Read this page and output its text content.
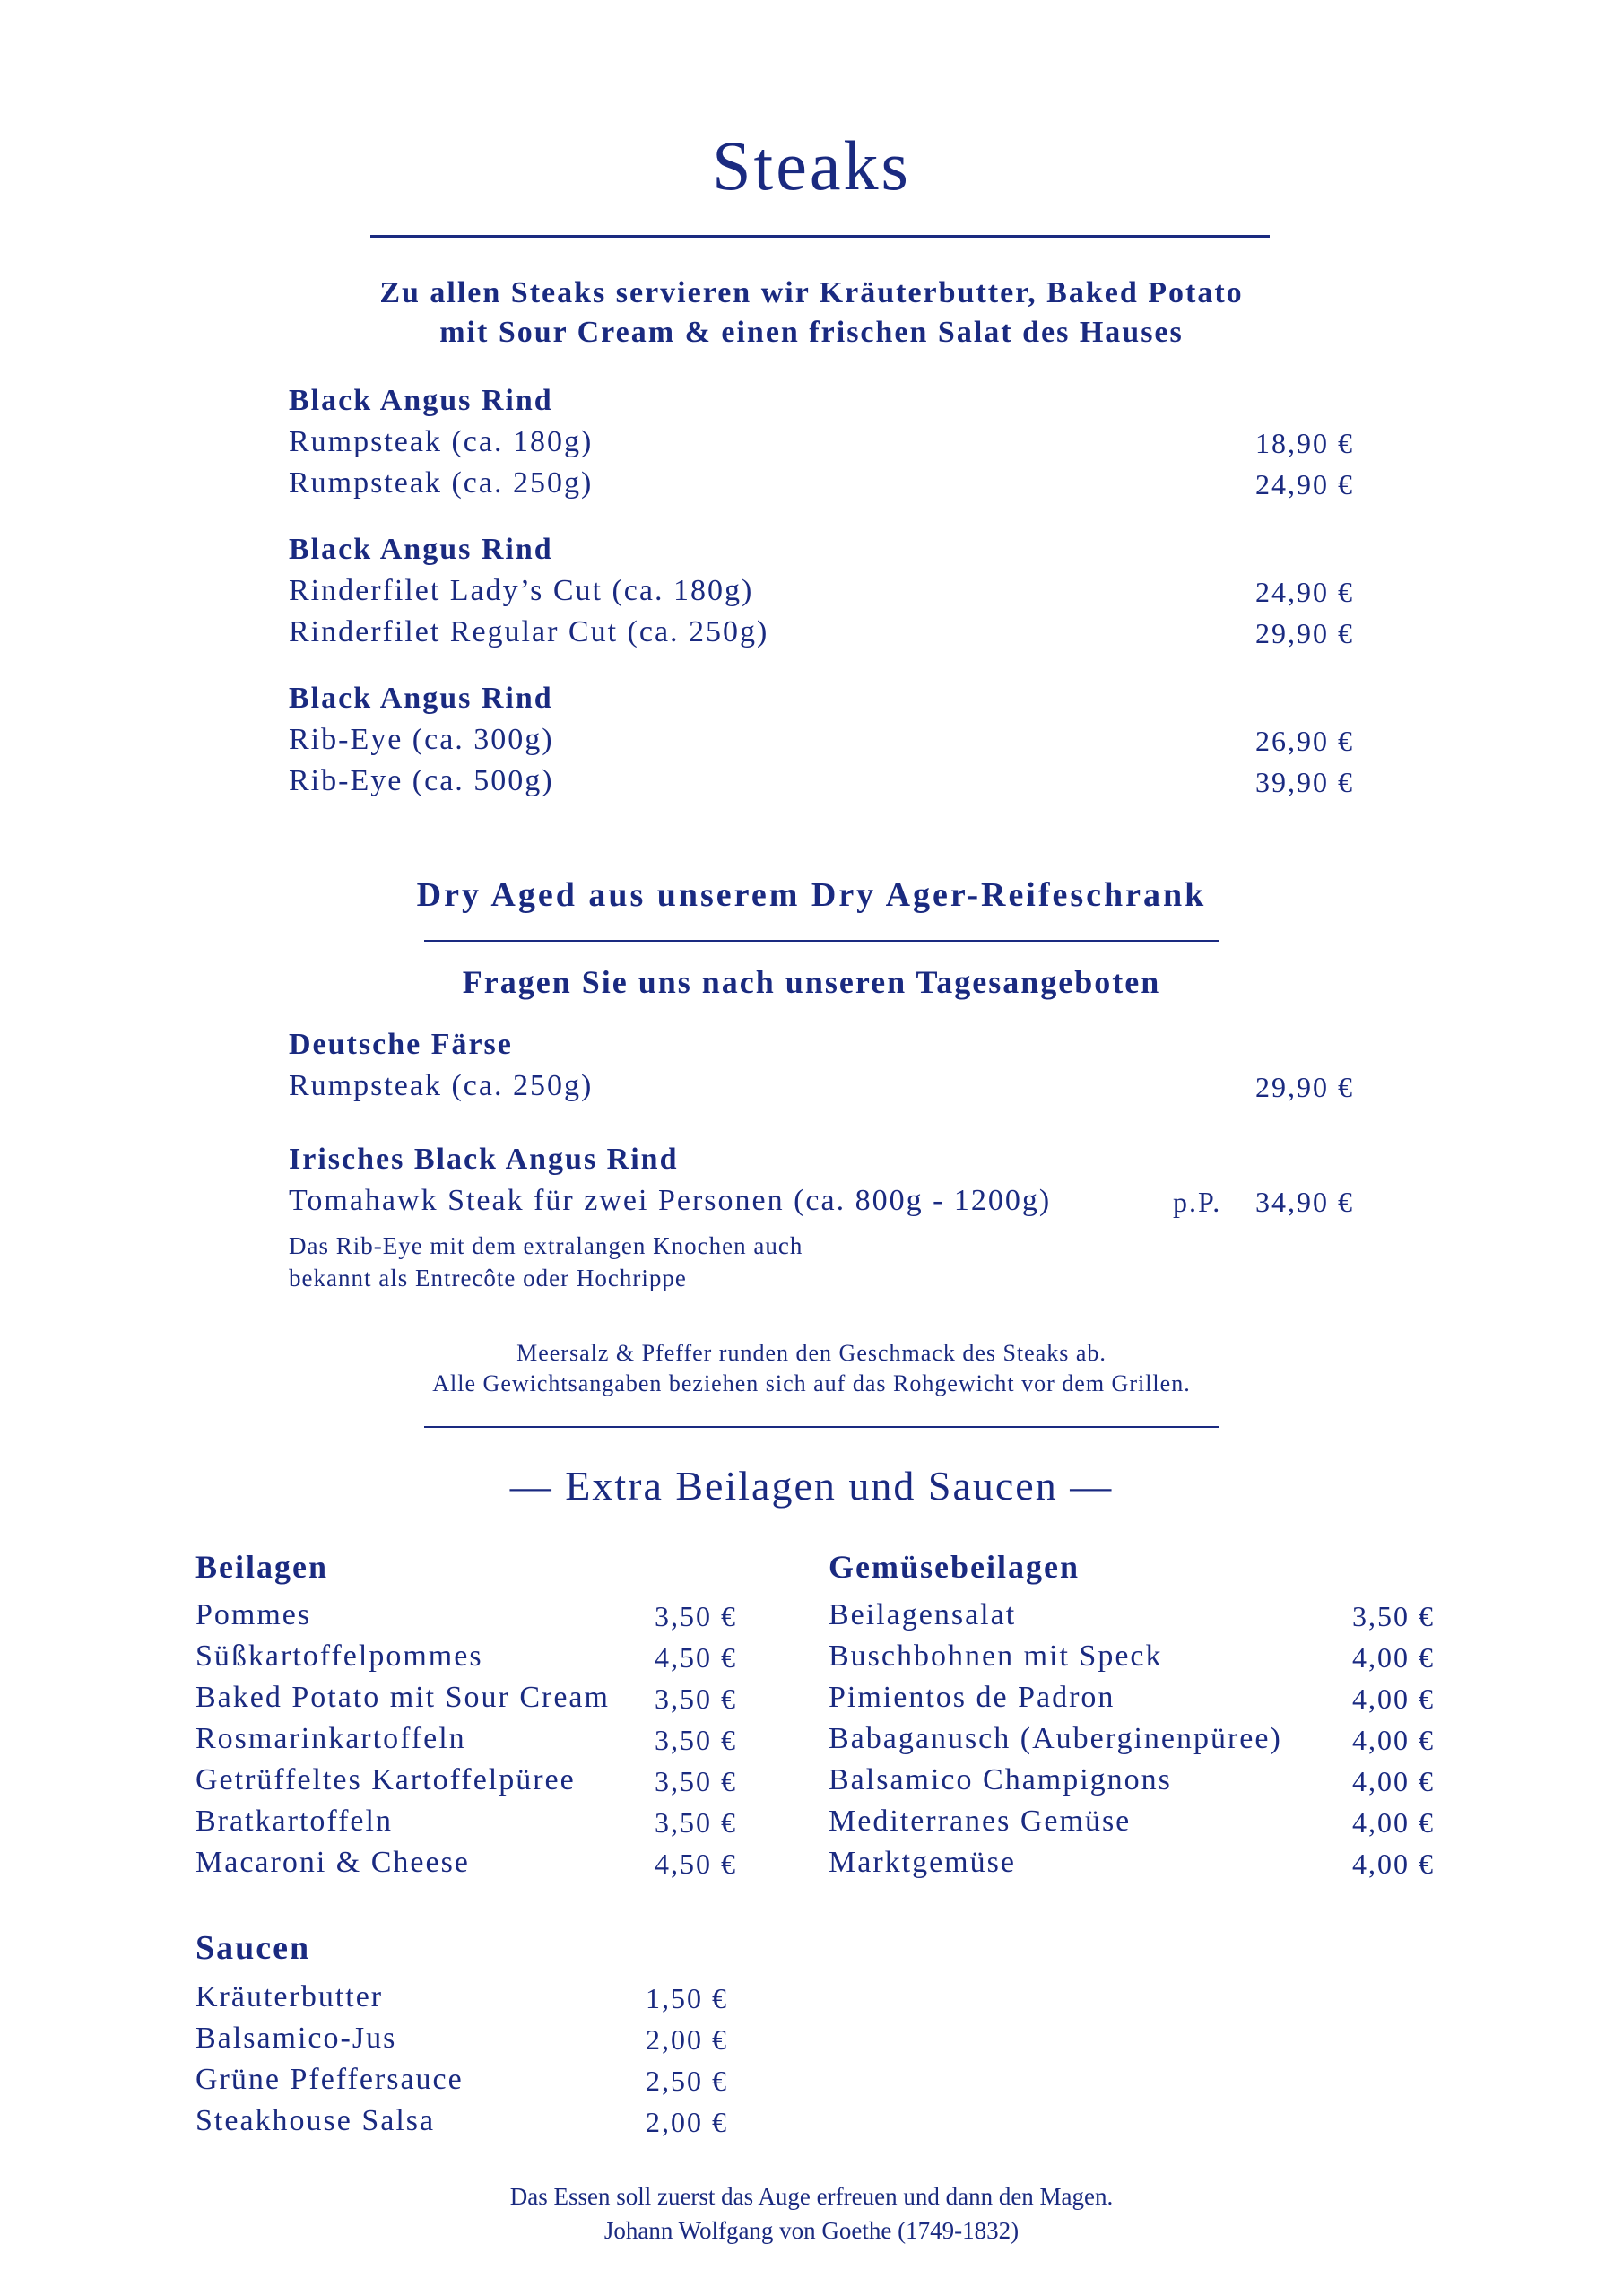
Steaks
Zu allen Steaks servieren wir Kräuterbutter, Baked Potato
mit Sour Cream & einen frischen Salat des Hauses
Black Angus Rind
Rumpsteak (ca. 180g)	18,90 €
Rumpsteak (ca. 250g)	24,90 €
Black Angus Rind
Rinderfilet Lady’s Cut (ca. 180g)	24,90 €
Rinderfilet Regular Cut (ca. 250g)	29,90 €
Black Angus Rind
Rib-Eye (ca. 300g)	26,90 €
Rib-Eye (ca. 500g)	39,90 €
Dry Aged aus unserem Dry Ager-Reifeschrank
Fragen Sie uns nach unseren Tagesangeboten
Deutsche Färse
Rumpsteak (ca. 250g)	29,90 €
Irisches Black Angus Rind
Tomahawk Steak für zwei Personen (ca. 800g - 1200g)	p.P. 34,90 €
Das Rib-Eye mit dem extralangen Knochen auch
bekannt als Entrecôte oder Hochrippe
Meersalz & Pfeffer runden den Geschmack des Steaks ab.
Alle Gewichtsangaben beziehen sich auf das Rohgewicht vor dem Grillen.
— Extra Beilagen und Saucen —
Beilagen
Pommes	3,50 €
Süßkartoffelpommes	4,50 €
Baked Potato mit Sour Cream 3,50 €
Rosmarinkartoffeln	3,50 €
Getrüffeltes Kartoffelpüree	3,50 €
Bratkartoffeln	3,50 €
Macaroni & Cheese	4,50 €
Gemüsebeilagen
Beilagensalat	3,50 €
Buschbohnen mit Speck	4,00 €
Pimientos de Padron	4,00 €
Babaganusch (Auberginenpüree) 4,00 €
Balsamico Champignons	4,00 €
Mediterranes Gemüse	4,00 €
Marktgemüse	4,00 €
Saucen
Kräuterbutter	1,50 €
Balsamico-Jus	2,00 €
Grüne Pfeffersauce	2,50 €
Steakhouse Salsa	2,00 €
Das Essen soll zuerst das Auge erfreuen und dann den Magen.
Johann Wolfgang von Goethe (1749-1832)
